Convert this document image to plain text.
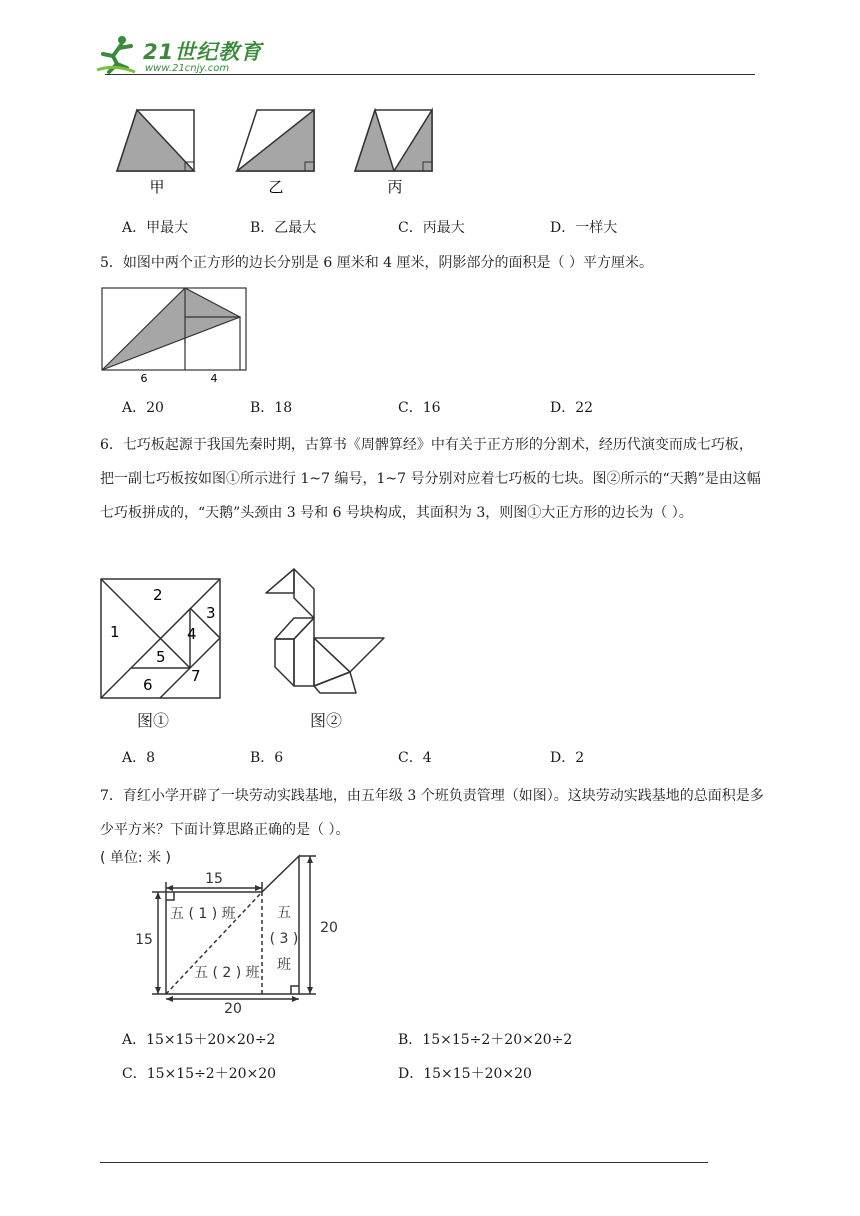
21世纪教育
www.21cnjy.com
甲	乙	丙
A．甲最大	B．乙最大	C．丙最大	D．一样大
5．如图中两个正方形的边长分别是 6 厘米和 4 厘米，阴影部分的面积是（ ）平方厘米。
6	4
A．20	B．18	C．16	D．22
6．七巧板起源于我国先秦时期，古算书《周髀算经》中有关于正方形的分割术，经历代演变而成七巧板，把一副七巧板按如图①所示进行 1~7 编号，1~7 号分别对应着七巧板的七块。图②所示的“天鹅”是由这幅七巧板拼成的，“天鹅”头颈由 3 号和 6 号块构成，其面积为 3，则图①大正方形的边长为（ ）。
1
2
3
4
5
6	7
图①	图②
A．8	B．6	C．4	D．2
7．育红小学开辟了一块劳动实践基地，由五年级 3 个班负责管理（如图）。这块劳动实践基地的总面积是多少平方米？下面计算思路正确的是（ ）。
( 单位: 米 )
15
15
20
20
五 ( 1 ) 班
五 ( 2 ) 班
五
( 3 )
班
A．15×15＋20×20÷2	B．15×15÷2＋20×20÷2
C．15×15÷2＋20×20	D．15×15＋20×20
